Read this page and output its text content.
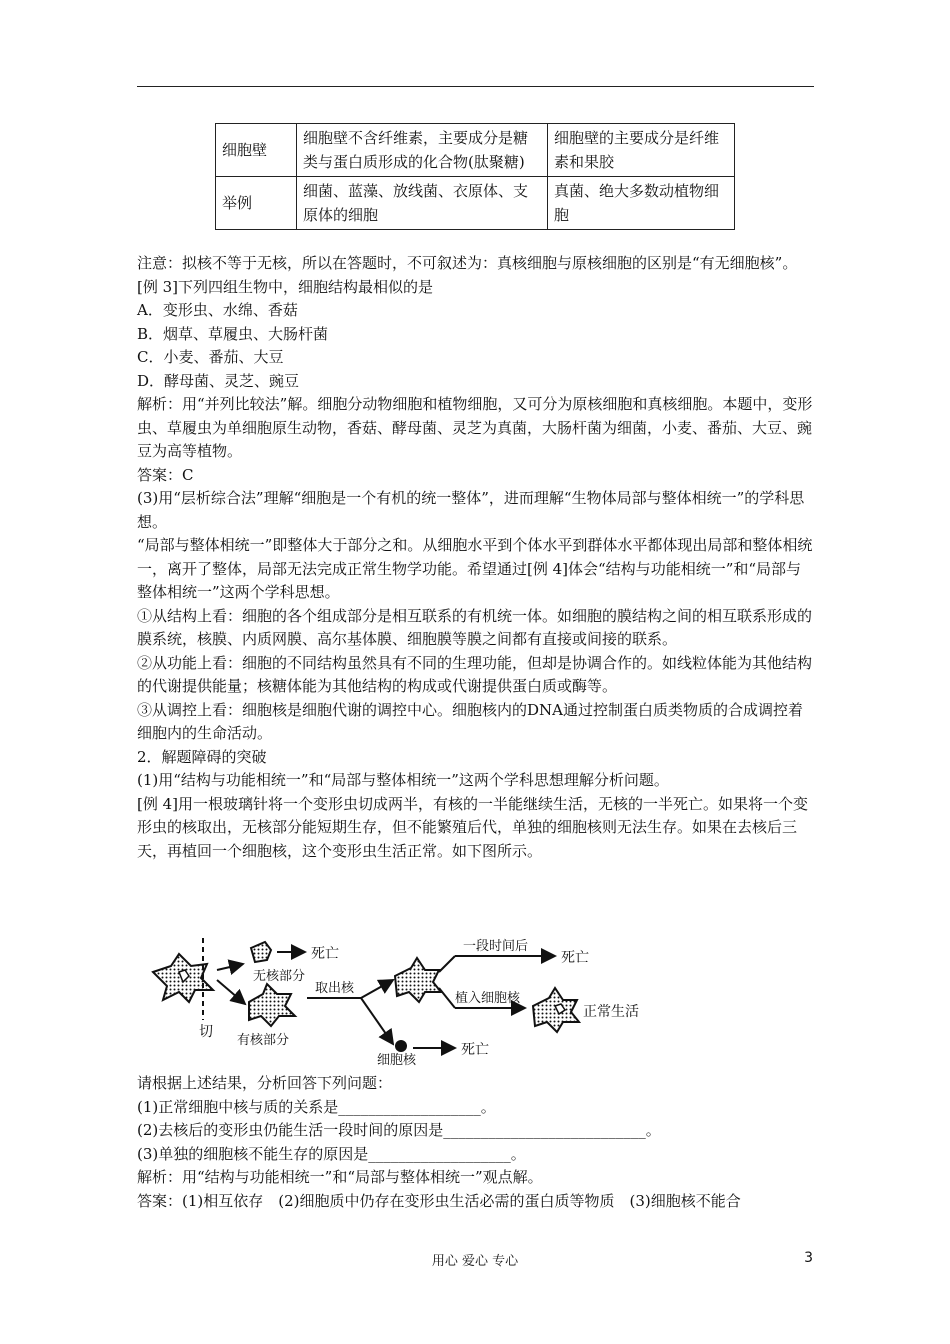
细胞壁	细胞壁不含纤维素，主要成分是糖类与蛋白质形成的化合物(肽聚糖)	细胞壁的主要成分是纤维素和果胶
举例	细菌、蓝藻、放线菌、衣原体、支原体的细胞	真菌、绝大多数动植物细胞

注意：拟核不等于无核，所以在答题时，不可叙述为：真核细胞与原核细胞的区别是“有无细胞核”。

[例 3]下列四组生物中，细胞结构最相似的是

A．变形虫、水绵、香菇

B．烟草、草履虫、大肠杆菌

C．小麦、番茄、大豆

D．酵母菌、灵芝、豌豆

解析：用“并列比较法”解。细胞分动物细胞和植物细胞，又可分为原核细胞和真核细胞。本题中，变形虫、草履虫为单细胞原生动物，香菇、酵母菌、灵芝为真菌，大肠杆菌为细菌，小麦、番茄、大豆、豌豆为高等植物。

答案：C

(3)用“层析综合法”理解“细胞是一个有机的统一整体”，进而理解“生物体局部与整体相统一”的学科思想。

“局部与整体相统一”即整体大于部分之和。从细胞水平到个体水平到群体水平都体现出局部和整体相统一，离开了整体，局部无法完成正常生物学功能。希望通过[例 4]体会“结构与功能相统一”和“局部与整体相统一”这两个学科思想。

①从结构上看：细胞的各个组成部分是相互联系的有机统一体。如细胞的膜结构之间的相互联系形成的膜系统，核膜、内质网膜、高尔基体膜、细胞膜等膜之间都有直接或间接的联系。

②从功能上看：细胞的不同结构虽然具有不同的生理功能，但却是协调合作的。如线粒体能为其他结构的代谢提供能量；核糖体能为其他结构的构成或代谢提供蛋白质或酶等。

③从调控上看：细胞核是细胞代谢的调控中心。细胞核内的DNA通过控制蛋白质类物质的合成调控着细胞内的生命活动。

2．解题障碍的突破

(1)用“结构与功能相统一”和“局部与整体相统一”这两个学科思想理解分析问题。

[例 4]用一根玻璃针将一个变形虫切成两半，有核的一半能继续生活，无核的一半死亡。如果将一个变形虫的核取出，无核部分能短期生存，但不能繁殖后代，单独的细胞核则无法生存。如果在去核后三天，再植回一个细胞核，这个变形虫生活正常。如下图所示。

切
死亡
无核部分
有核部分
取出核
一段时间后
死亡
植入细胞核
正常生活
细胞核
死亡

请根据上述结果，分析回答下列问题：

(1)正常细胞中核与质的关系是___________________。

(2)去核后的变形虫仍能生活一段时间的原因是___________________________。

(3)单独的细胞核不能生存的原因是___________________。

解析：用“结构与功能相统一”和“局部与整体相统一”观点解。

答案：(1)相互依存　(2)细胞质中仍存在变形虫生活必需的蛋白质等物质　(3)细胞核不能合

用心 爱心 专心	3
